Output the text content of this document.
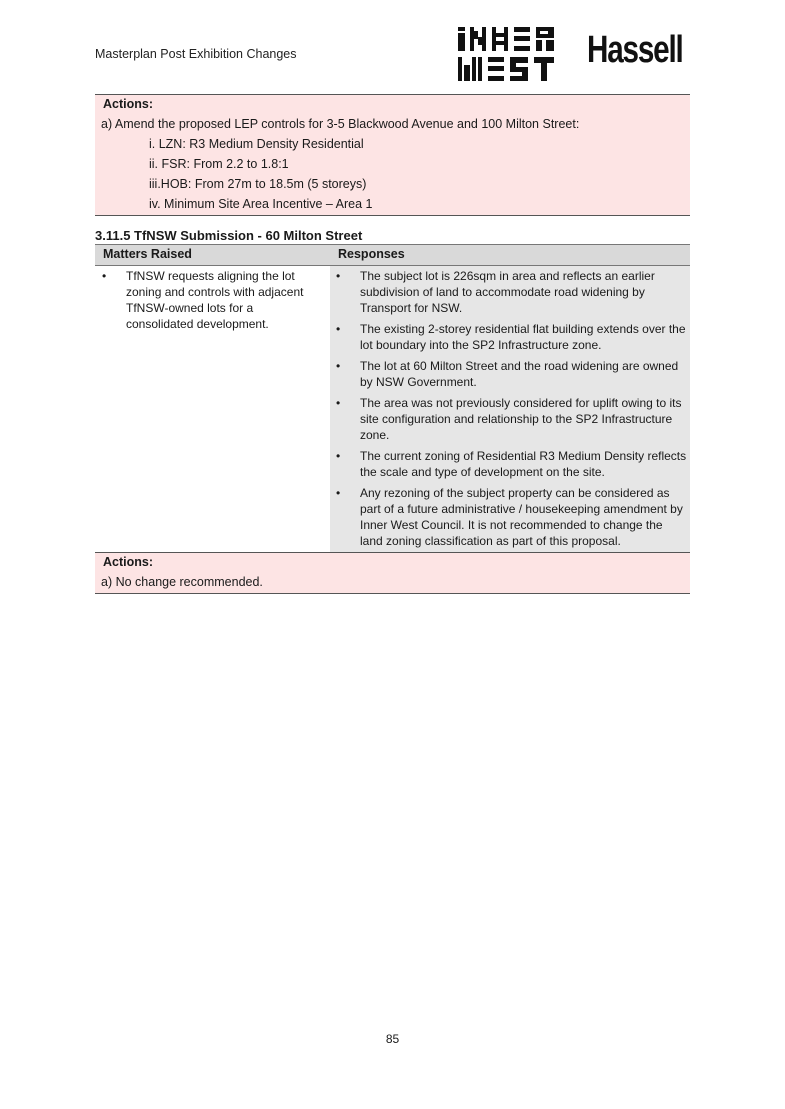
Masterplan Post Exhibition Changes	Hassell
Actions:
a) Amend the proposed LEP controls for 3-5 Blackwood Avenue and 100 Milton Street:
i. LZN: R3 Medium Density Residential
ii. FSR: From 2.2 to 1.8:1
iii.HOB: From 27m to 18.5m (5 storeys)
iv. Minimum Site Area Incentive – Area 1
3.11.5 TfNSW Submission - 60 Milton Street
Matters Raised	Responses
• TfNSW requests aligning the lot
zoning and controls with adjacent
TfNSW-owned lots for a
consolidated development.
• The subject lot is 226sqm in area and reflects an earlier
subdivision of land to accommodate road widening by
Transport for NSW.
• The existing 2-storey residential flat building extends over the
lot boundary into the SP2 Infrastructure zone.
• The lot at 60 Milton Street and the road widening are owned
by NSW Government.
• The area was not previously considered for uplift owing to its
site configuration and relationship to the SP2 Infrastructure
zone.
• The current zoning of Residential R3 Medium Density reflects
the scale and type of development on the site.
• Any rezoning of the subject property can be considered as
part of a future administrative / housekeeping amendment by
Inner West Council. It is not recommended to change the
land zoning classification as part of this proposal.
Actions:
a) No change recommended.
85
